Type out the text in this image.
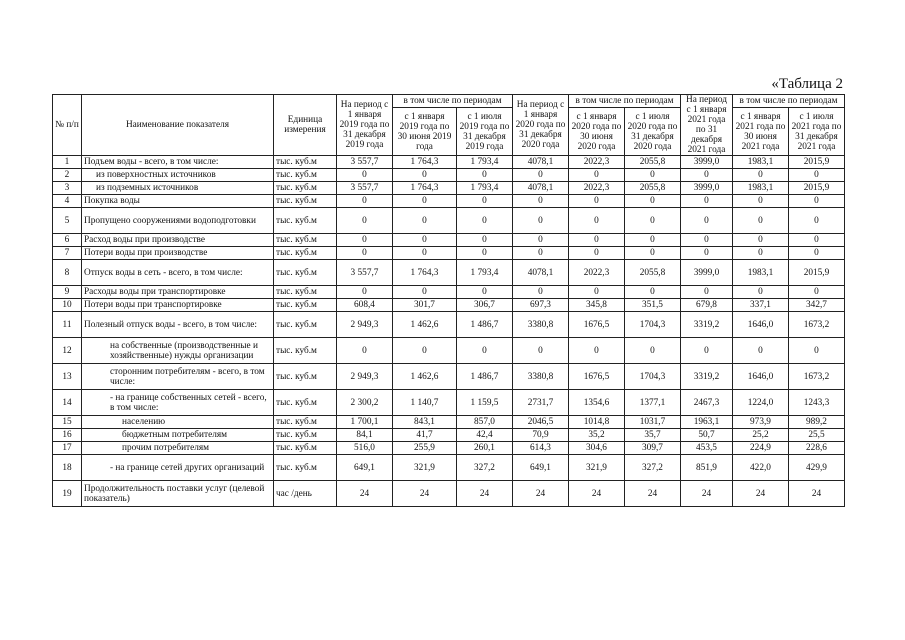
«Таблица 2
№ п/п	Наименование показателя	Единица измерения	На период с 1 января 2019 года по 31 декабря 2019 года	в том числе по периодам		На период с 1 января 2020 года по 31 декабря 2020 года	в том числе по периодам		На период с 1 января 2021 года по 31 декабря 2021 года	в том числе по периодам	
				с 1 января 2019 года по 30 июня 2019 года	с 1 июля 2019 года по 31 декабря 2019 года		с 1 января 2020 года по 30 июня 2020 года	с 1 июля 2020 года по 31 декабря 2020 года		с 1 января 2021 года по 30 июня 2021 года	с 1 июля 2021 года по 31 декабря 2021 года
1	Подъем воды - всего, в том числе:	тыс. куб.м	3 557,7	1 764,3	1 793,4	4078,1	2022,3	2055,8	3999,0	1983,1	2015,9
2	из поверхностных источников	тыс. куб.м	0	0	0	0	0	0	0	0	0
3	из подземных источников	тыс. куб.м	3 557,7	1 764,3	1 793,4	4078,1	2022,3	2055,8	3999,0	1983,1	2015,9
4	Покупка воды	тыс. куб.м	0	0	0	0	0	0	0	0	0
5	Пропущено сооружениями водоподготовки	тыс. куб.м	0	0	0	0	0	0	0	0	0
6	Расход воды при производстве	тыс. куб.м	0	0	0	0	0	0	0	0	0
7	Потери воды при производстве	тыс. куб.м	0	0	0	0	0	0	0	0	0
8	Отпуск воды в сеть - всего, в том числе:	тыс. куб.м	3 557,7	1 764,3	1 793,4	4078,1	2022,3	2055,8	3999,0	1983,1	2015,9
9	Расходы воды при транспортировке	тыс. куб.м	0	0	0	0	0	0	0	0	0
10	Потери воды при транспортировке	тыс. куб.м	608,4	301,7	306,7	697,3	345,8	351,5	679,8	337,1	342,7
11	Полезный отпуск воды - всего, в том числе:	тыс. куб.м	2 949,3	1 462,6	1 486,7	3380,8	1676,5	1704,3	3319,2	1646,0	1673,2
12	на собственные (производственные и хозяйственные) нужды организации	тыс. куб.м	0	0	0	0	0	0	0	0	0
13	сторонним потребителям - всего, в том числе:	тыс. куб.м	2 949,3	1 462,6	1 486,7	3380,8	1676,5	1704,3	3319,2	1646,0	1673,2
14	- на границе собственных сетей - всего, в том числе:	тыс. куб.м	2 300,2	1 140,7	1 159,5	2731,7	1354,6	1377,1	2467,3	1224,0	1243,3
15	населению	тыс. куб.м	1 700,1	843,1	857,0	2046,5	1014,8	1031,7	1963,1	973,9	989,2
16	бюджетным потребителям	тыс. куб.м	84,1	41,7	42,4	70,9	35,2	35,7	50,7	25,2	25,5
17	прочим потребителям	тыс. куб.м	516,0	255,9	260,1	614,3	304,6	309,7	453,5	224,9	228,6
18	- на границе сетей других организаций	тыс. куб.м	649,1	321,9	327,2	649,1	321,9	327,2	851,9	422,0	429,9
19	Продолжительность поставки услуг (целевой показатель)	час /день	24	24	24	24	24	24	24	24	24
